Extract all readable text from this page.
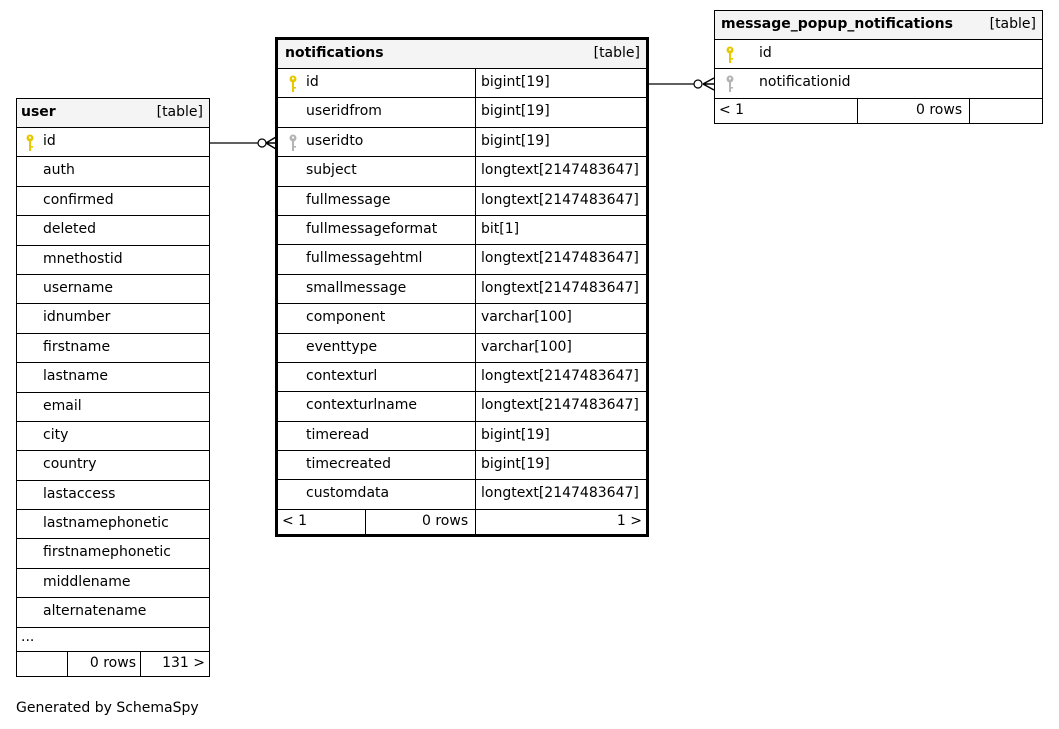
user	[table]
id
auth
confirmed
deleted
mnethostid
username
idnumber
firstname
lastname
email
city
country
lastaccess
lastnamephonetic
firstnamephonetic
middlename
alternatename
...
0 rows 131 >
notifications	[table]
id	bigint[19]
useridfrom	bigint[19]
useridto	bigint[19]
subject	longtext[2147483647]
fullmessage	longtext[2147483647]
fullmessageformat	bit[1]
fullmessagehtml	longtext[2147483647]
smallmessage	longtext[2147483647]
component	varchar[100]
eventtype	varchar[100]
contexturl	longtext[2147483647]
contexturlname	longtext[2147483647]
timeread	bigint[19]
timecreated	bigint[19]
customdata	longtext[2147483647]
< 1	0 rows	1 >
message_popup_notifications	[table]
id
notificationid
< 1	0 rows
Generated by SchemaSpy
